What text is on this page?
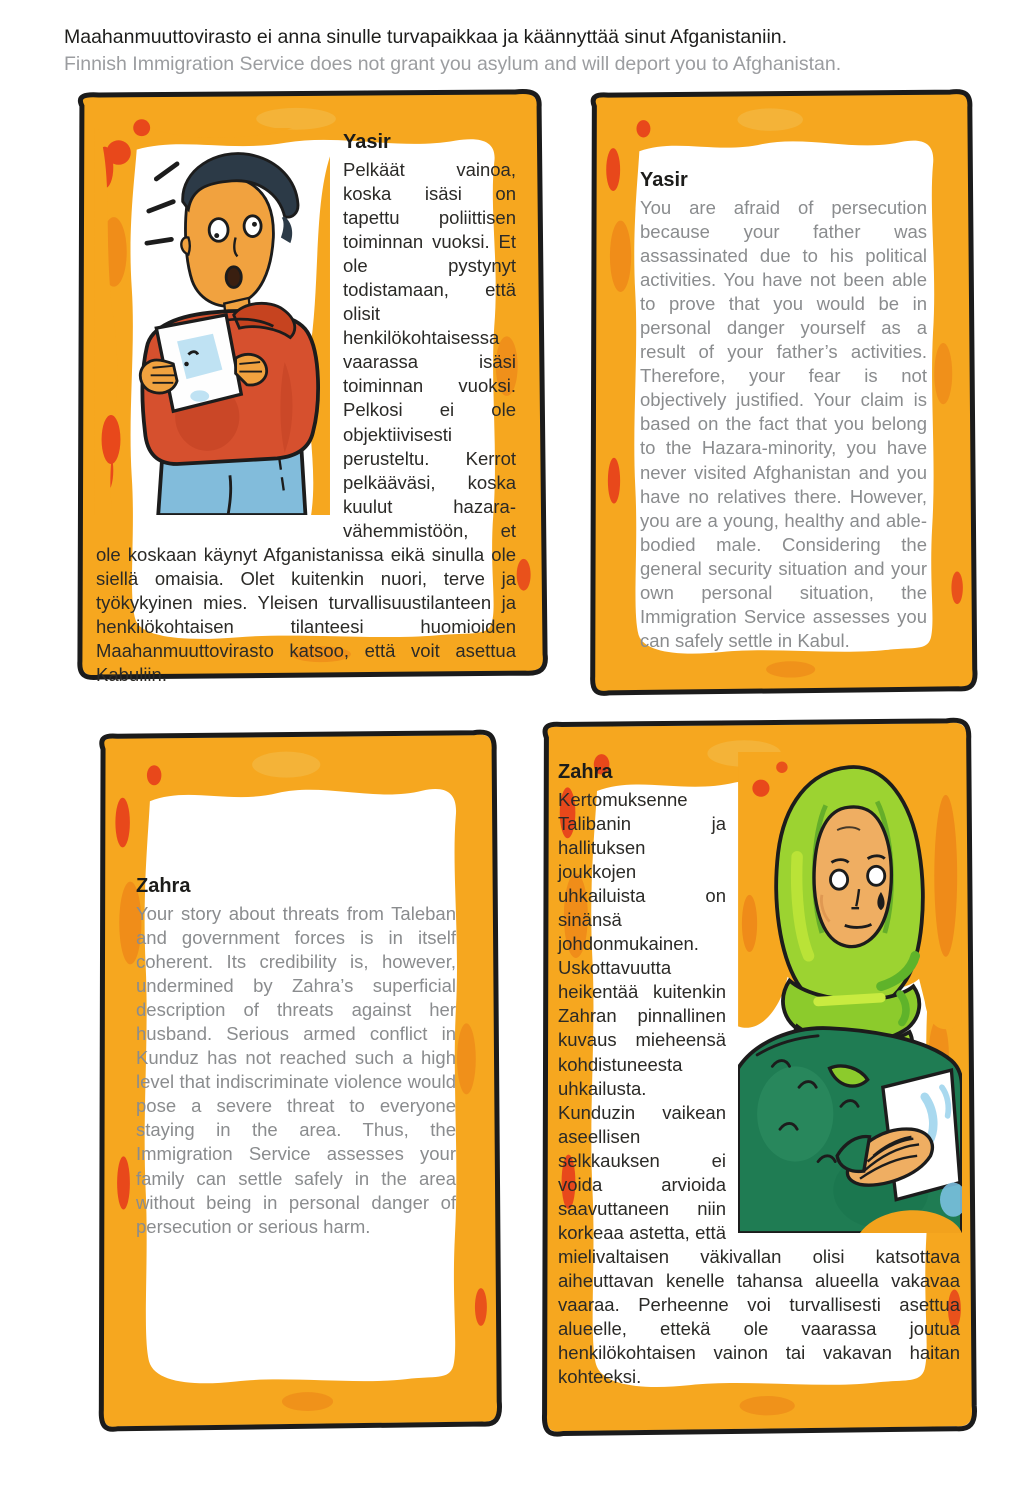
Maahanmuuttovirasto ei anna sinulle turvapaikkaa ja käännyttää sinut Afganistaniin.
Finnish Immigration Service does not grant you asylum and will deport you to Afghanistan.
Yasir

Pelkäät vainoa, koska isäsi on tapettu poliittisen toiminnan vuoksi. Et ole pystynyt todistamaan, että olisit henkilökohtaisessa vaarassa isäsi toiminnan vuoksi. Pelkosi ei ole objektiivisesti perusteltu. Kerrot pelkääväsi, koska kuulut hazara-vähemmistöön, et ole koskaan käynyt Afganistanissa eikä sinulla ole siellä omaisia. Olet kuitenkin nuori, terve ja työkykyinen mies. Yleisen turvallisuustilanteen ja henkilökohtaisen tilanteesi huomioiden Maahanmuuttovirasto katsoo, että voit asettua Kabuliin.

Yasir

You are afraid of persecution because your father was assassinated due to his political activities. You have not been able to prove that you would be in personal danger yourself as a result of your father’s activities. Therefore, your fear is not objectively justified. Your claim is based on the fact that you belong to the Hazara-minority, you have never visited Afghanistan and you have no relatives there. However, you are a young, healthy and able-bodied male. Considering the general security situation and your own personal situation, the Immigration Service assesses you can safely settle in Kabul.

Zahra

Your story about threats from Taleban and government forces is in itself coherent. Its credibility is, however, undermined by Zahra’s superficial description of threats against her husband. Serious armed conflict in Kunduz has not reached such a high level that indiscriminate violence would pose a severe threat to everyone staying in the area. Thus, the Immigration Service assesses your family can settle safely in the area without being in personal danger of persecution or serious harm.

Zahra

Kertomuksenne Talibanin ja hallituksen joukkojen uhkailuista on sinänsä johdonmukainen. Uskottavuutta heikentää kuitenkin Zahran pinnallinen kuvaus mieheensä kohdistuneesta uhkailusta. Kunduzin vaikean aseellisen selkkauksen ei voida arvioida saavuttaneen niin korkeaa astetta, että mielivaltaisen väkivallan olisi katsottava aiheuttavan kenelle tahansa alueella vakavaa vaaraa. Perheenne voi turvallisesti asettua alueelle, ettekä ole vaarassa joutua henkilökohtaisen vainon tai vakavan haitan kohteeksi.
